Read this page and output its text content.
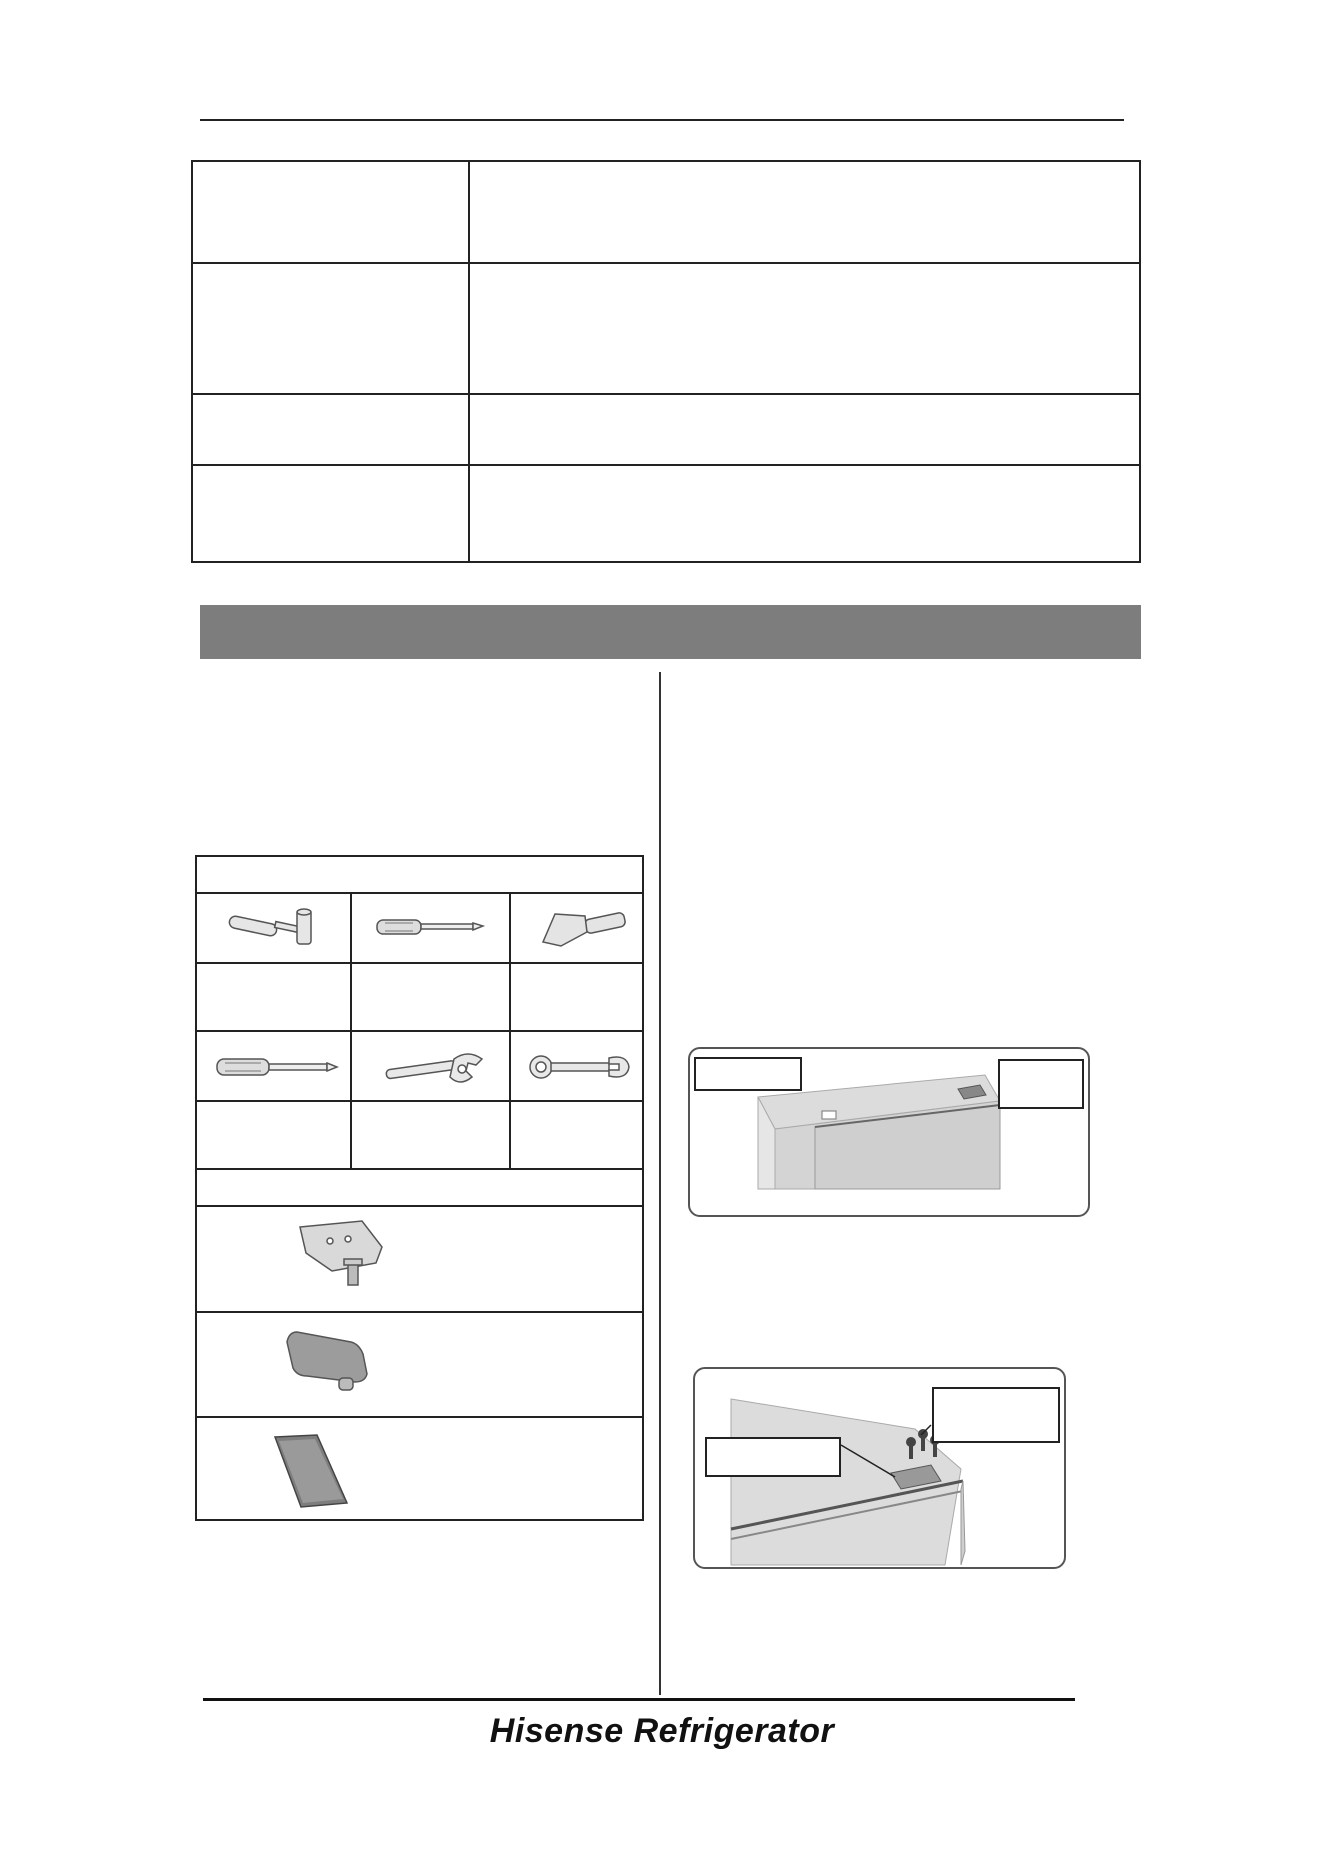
Hisense Refrigerator
